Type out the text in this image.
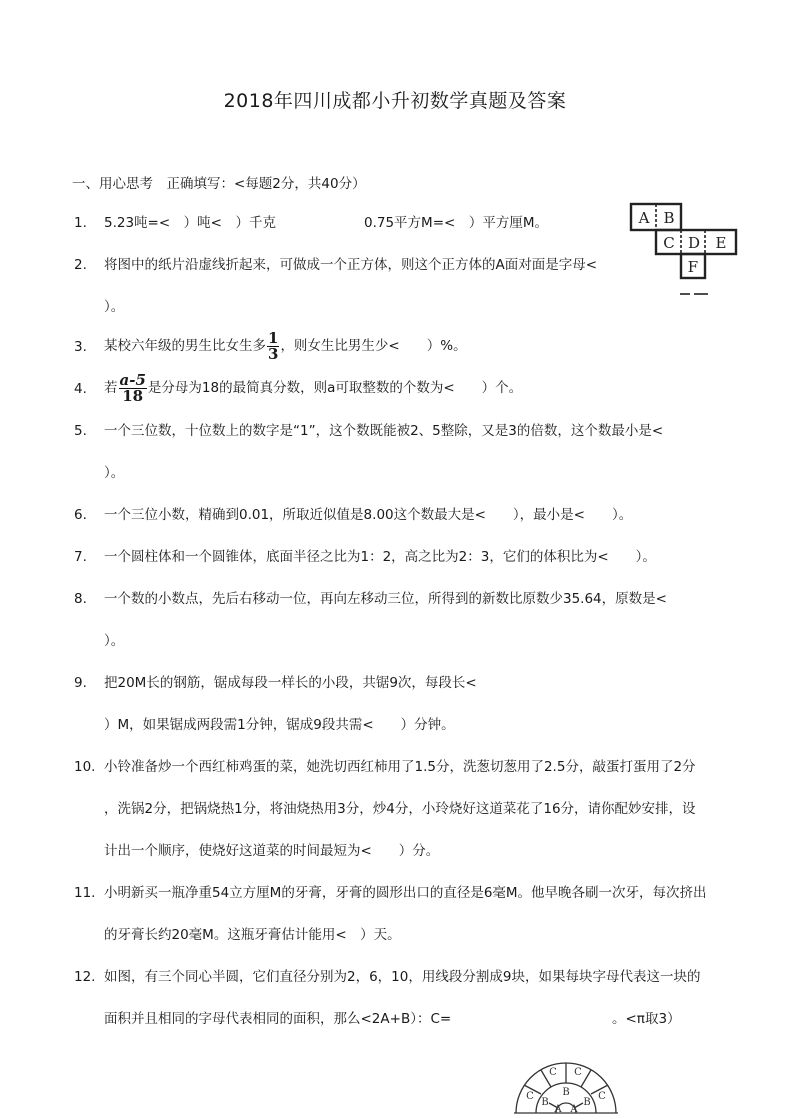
2018年四川成都小升初数学真题及答案
一、用心思考　正确填写：<每题2分，共40分）
1. 5.23吨=<　）吨<　）千克	0.75平方M=<　）平方厘M。	A B
C D E
F
2. 将图中的纸片沿虚线折起来，可做成一个正方体，则这个正方体的A面对面是字母<
）。
3. 某校六年级的男生比女生多 $\frac{1}{3}$ ，则女生比男生少<　　）%。
4. 若 $\frac{a-5}{18}$ 是分母为18的最简真分数，则a可取整数的个数为<　　）个。
5. 一个三位数，十位数上的数字是“1”，这个数既能被2、5整除，又是3的倍数，这个数最小是<
）。
6. 一个三位小数，精确到0.01，所取近似值是8.00这个数最大是<　　），最小是<　　）。
7. 一个圆柱体和一个圆锥体，底面半径之比为1：2，高之比为2：3，它们的体积比为<　　）。
8. 一个数的小数点，先后右移动一位，再向左移动三位，所得到的新数比原数少35.64，原数是<
）。
9. 把20M长的钢筋，锯成每段一样长的小段，共锯9次，每段长<
）M，如果锯成两段需1分钟，锯成9段共需<　　）分钟。
10. 小铃准备炒一个西红柿鸡蛋的菜，她洗切西红柿用了1.5分，洗葱切葱用了2.5分，敲蛋打蛋用了2分
，洗锅2分，把锅烧热1分，将油烧热用3分，炒4分，小玲烧好这道菜花了16分，请你配妙安排，设
计出一个顺序，使烧好这道菜的时间最短为<　　）分。
11. 小明新买一瓶净重54立方厘M的牙膏，牙膏的圆形出口的直径是6毫M。他早晚各刷一次牙，每次挤出
的牙膏长约20毫M。这瓶牙膏估计能用<　）天。
12. 如图，有三个同心半圆，它们直径分别为2，6，10，用线段分割成9块，如果每块字母代表这一块的
面积并且相同的字母代表相同的面积，那么<2A+B）：C=	。<π取3）
C C
C	C
B
B	B
A A
